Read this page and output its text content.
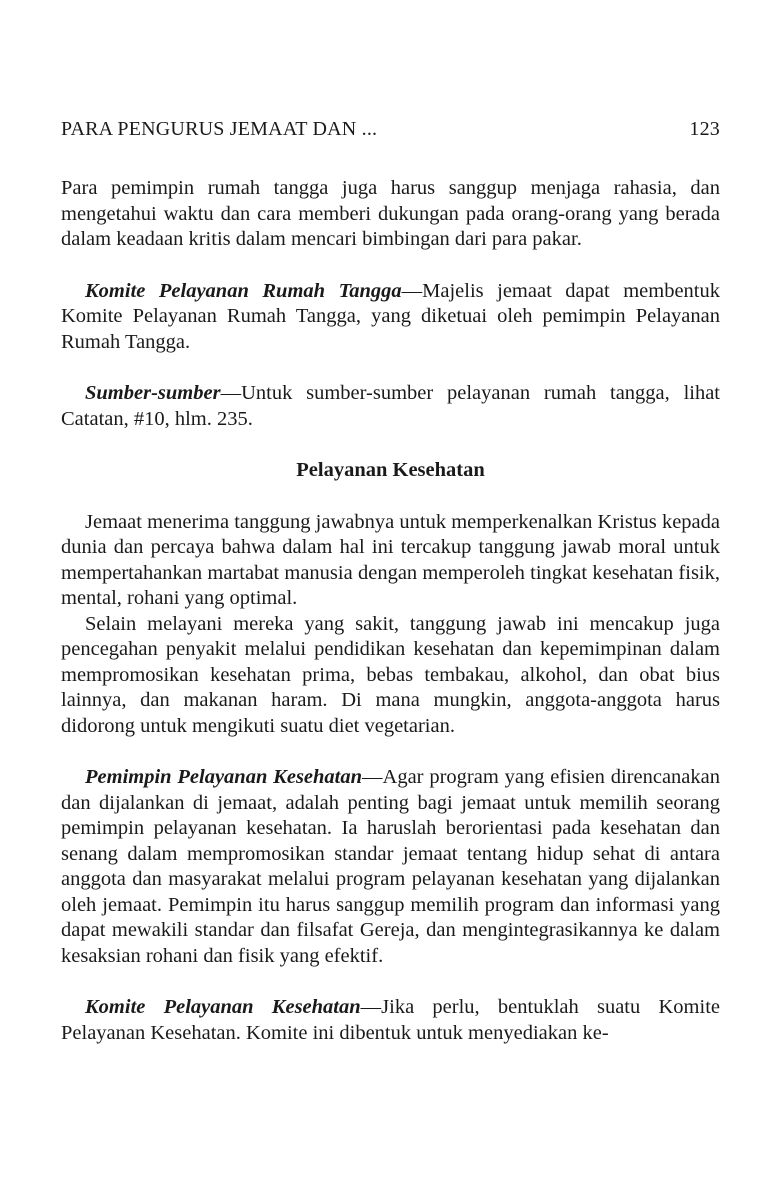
PARA PENGURUS JEMAAT DAN ...	123

Para pemimpin rumah tangga juga harus sanggup menjaga rahasia, dan mengetahui waktu dan cara memberi dukungan pada orang-orang yang berada dalam keadaan kritis dalam mencari bimbingan dari para pakar.

Komite Pelayanan Rumah Tangga—Majelis jemaat dapat membentuk Komite Pelayanan Rumah Tangga, yang diketuai oleh pemimpin Pelayanan Rumah Tangga.

Sumber-sumber—Untuk sumber-sumber pelayanan rumah tangga, lihat Catatan, #10, hlm. 235.

Pelayanan Kesehatan

Jemaat menerima tanggung jawabnya untuk memperkenalkan Kristus kepada dunia dan percaya bahwa dalam hal ini tercakup tanggung jawab moral untuk mempertahankan martabat manusia dengan memperoleh tingkat kesehatan fisik, mental, rohani yang optimal.

Selain melayani mereka yang sakit, tanggung jawab ini mencakup juga pencegahan penyakit melalui pendidikan kesehatan dan kepemimpinan dalam mempromosikan kesehatan prima, bebas tembakau, alkohol, dan obat bius lainnya, dan makanan haram. Di mana mungkin, anggota-anggota harus didorong untuk mengikuti suatu diet vegetarian.

Pemimpin Pelayanan Kesehatan—Agar program yang efisien direncanakan dan dijalankan di jemaat, adalah penting bagi jemaat untuk memilih seorang pemimpin pelayanan kesehatan. Ia haruslah berorientasi pada kesehatan dan senang dalam mempromosikan standar jemaat tentang hidup sehat di antara anggota dan masyarakat melalui program pelayanan kesehatan yang dijalankan oleh jemaat. Pemimpin itu harus sanggup memilih program dan informasi yang dapat mewakili standar dan filsafat Gereja, dan mengintegrasikannya ke dalam kesaksian rohani dan fisik yang efektif.

Komite Pelayanan Kesehatan—Jika perlu, bentuklah suatu Komite Pelayanan Kesehatan. Komite ini dibentuk untuk menyediakan ke-
